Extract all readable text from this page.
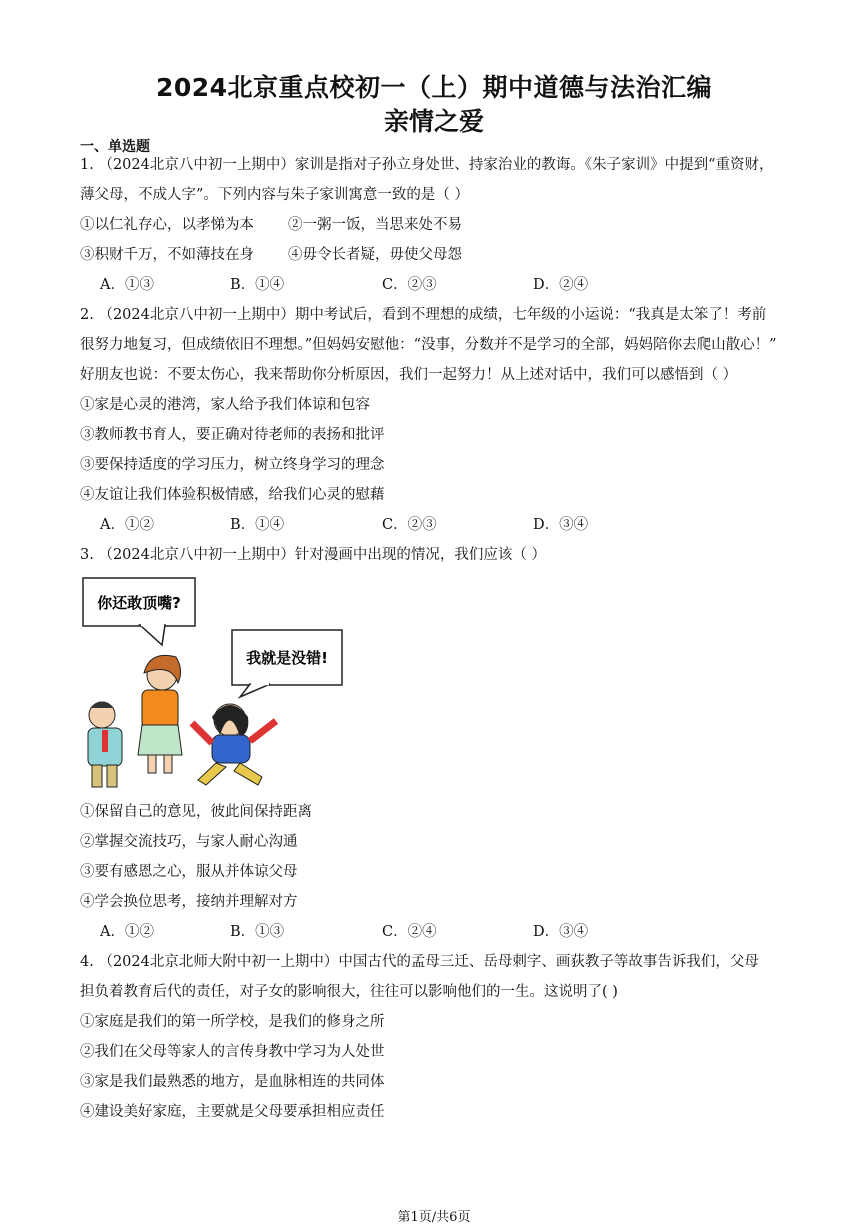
2024北京重点校初一（上）期中道德与法治汇编
亲情之爱
一、单选题
1. （2024北京八中初一上期中）家训是指对子孙立身处世、持家治业的教诲。《朱子家训》中提到“重资财，
薄父母，不成人字”。下列内容与朱子家训寓意一致的是（ ）
①以仁礼存心，以孝悌为本 ②一粥一饭，当思来处不易
③积财千万，不如薄技在身 ④毋令长者疑，毋使父母怨
A．①③	B．①④	C．②③	D．②④
2. （2024北京八中初一上期中）期中考试后，看到不理想的成绩，七年级的小运说：“我真是太笨了！考前
很努力地复习，但成绩依旧不理想。”但妈妈安慰他：“没事，分数并不是学习的全部，妈妈陪你去爬山散心！”
好朋友也说：不要太伤心，我来帮助你分析原因，我们一起努力！从上述对话中，我们可以感悟到（ ）
①家是心灵的港湾，家人给予我们体谅和包容
③教师教书育人，要正确对待老师的表扬和批评
③要保持适度的学习压力，树立终身学习的理念
④友谊让我们体验积极情感，给我们心灵的慰藉
A．①②	B．①④	C．②③	D．③④
3. （2024北京八中初一上期中）针对漫画中出现的情况，我们应该（ ）
你还敢顶嘴?
我就是没错!
①保留自己的意见，彼此间保持距离
②掌握交流技巧，与家人耐心沟通
③要有感恩之心，服从并体谅父母
④学会换位思考，接纳并理解对方
A．①②	B．①③	C．②④	D．③④
4. （2024北京北师大附中初一上期中）中国古代的孟母三迁、岳母刺字、画荻教子等故事告诉我们，父母
担负着教育后代的责任，对子女的影响很大，往往可以影响他们的一生。这说明了( )
①家庭是我们的第一所学校，是我们的修身之所
②我们在父母等家人的言传身教中学习为人处世
③家是我们最熟悉的地方，是血脉相连的共同体
④建设美好家庭，主要就是父母要承担相应责任
第1页/共6页
